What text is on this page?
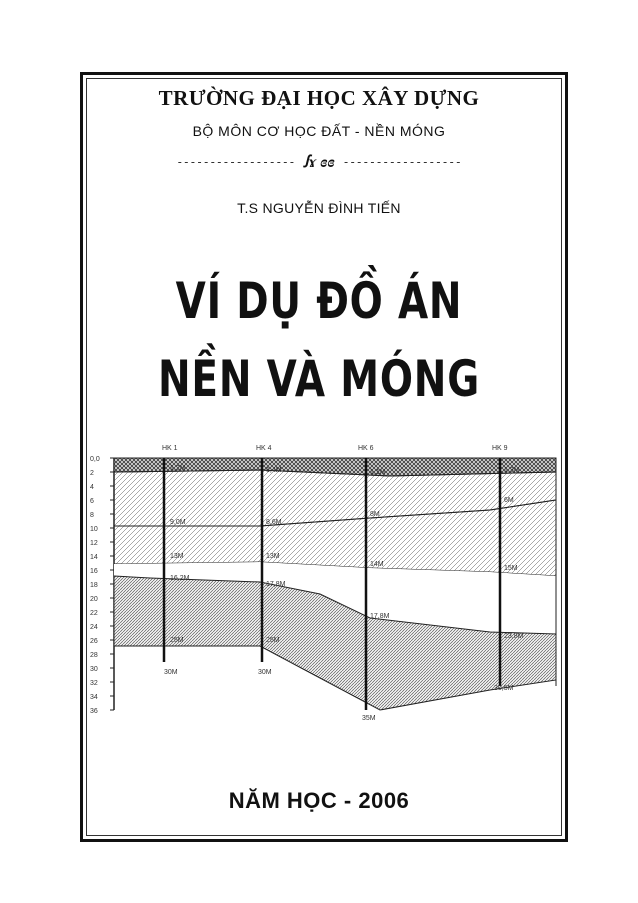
TRƯỜNG ĐẠI HỌC XÂY DỰNG
BỘ MÔN CƠ HỌC ĐẤT - NỀN MÓNG
------------------ ꭍɤ ɞɞ ------------------
T.S NGUYỄN ĐÌNH TIẾN
VÍ DỤ ĐỒ ÁN
NỀN VÀ MÓNG
0,0
2
4
6
8
10
12
14
16
18
20
22
24
26
28
30
32
34
36
HK 1	HK 4	HK 6	HK 9
30M	30M
35M
30,5M
1,2M	1,4M	1,1M	1,3M
9,0M	8,6M
8M
6M
13M	13M
14M
15M
16,2M
17,8M
17,8M
25M	25M
23,8M
NĂM HỌC - 2006
